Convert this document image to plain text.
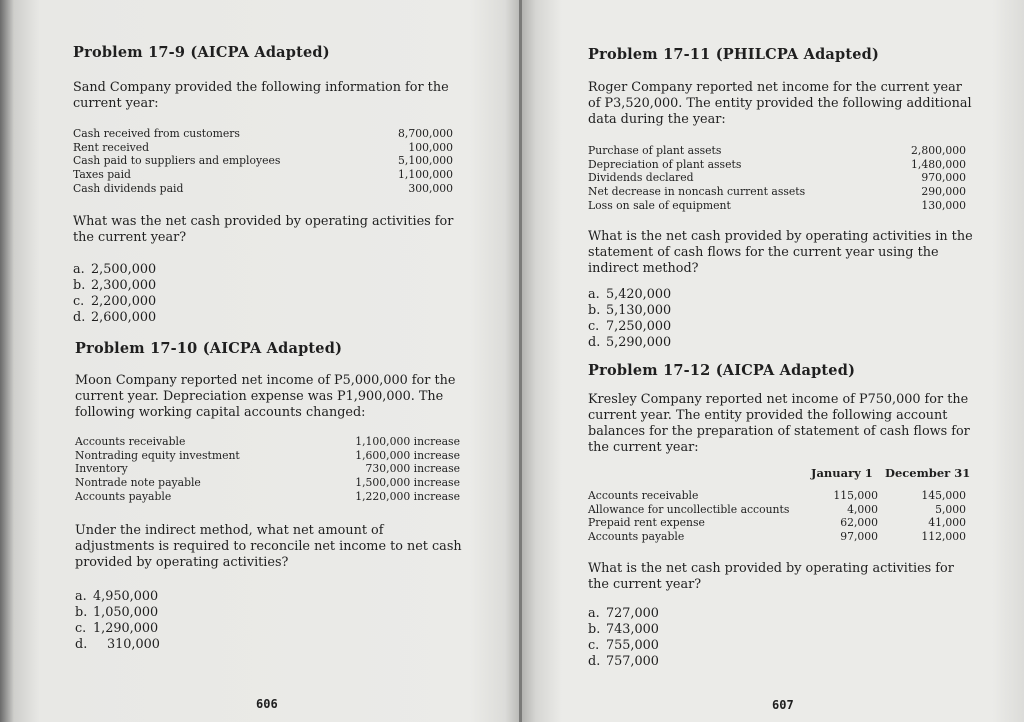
Problem 17-9 (AICPA Adapted)
Sand Company provided the following information for the current year:
Cash received from customers	8,700,000
Rent received	100,000
Cash paid to suppliers and employees	5,100,000
Taxes paid	1,100,000
Cash dividends paid	300,000
What was the net cash provided by operating activities for the current year?
a. 2,500,000
b. 2,300,000
c. 2,200,000
d. 2,600,000
Problem 17-10 (AICPA Adapted)
Moon Company reported net income of P5,000,000 for the current year. Depreciation expense was P1,900,000. The following working capital accounts changed:
Accounts receivable	1,100,000 increase
Nontrading equity investment	1,600,000 increase
Inventory	730,000 increase
Nontrade note payable	1,500,000 increase
Accounts payable	1,220,000 increase
Under the indirect method, what net amount of adjustments is required to reconcile net income to net cash provided by operating activities?
a. 4,950,000
b. 1,050,000
c. 1,290,000
d. 310,000
606
Problem 17-11 (PHILCPA Adapted)
Roger Company reported net income for the current year of P3,520,000. The entity provided the following additional data during the year:
Purchase of plant assets	2,800,000
Depreciation of plant assets	1,480,000
Dividends declared	970,000
Net decrease in noncash current assets	290,000
Loss on sale of equipment	130,000
What is the net cash provided by operating activities in the statement of cash flows for the current year using the indirect method?
a. 5,420,000
b. 5,130,000
c. 7,250,000
d. 5,290,000
Problem 17-12 (AICPA Adapted)
Kresley Company reported net income of P750,000 for the current year. The entity provided the following account balances for the preparation of statement of cash flows for the current year:
January 1 December 31
Accounts receivable	115,000	145,000
Allowance for uncollectible accounts	4,000	5,000
Prepaid rent expense	62,000	41,000
Accounts payable	97,000	112,000
What is the net cash provided by operating activities for the current year?
a. 727,000
b. 743,000
c. 755,000
d. 757,000
607
